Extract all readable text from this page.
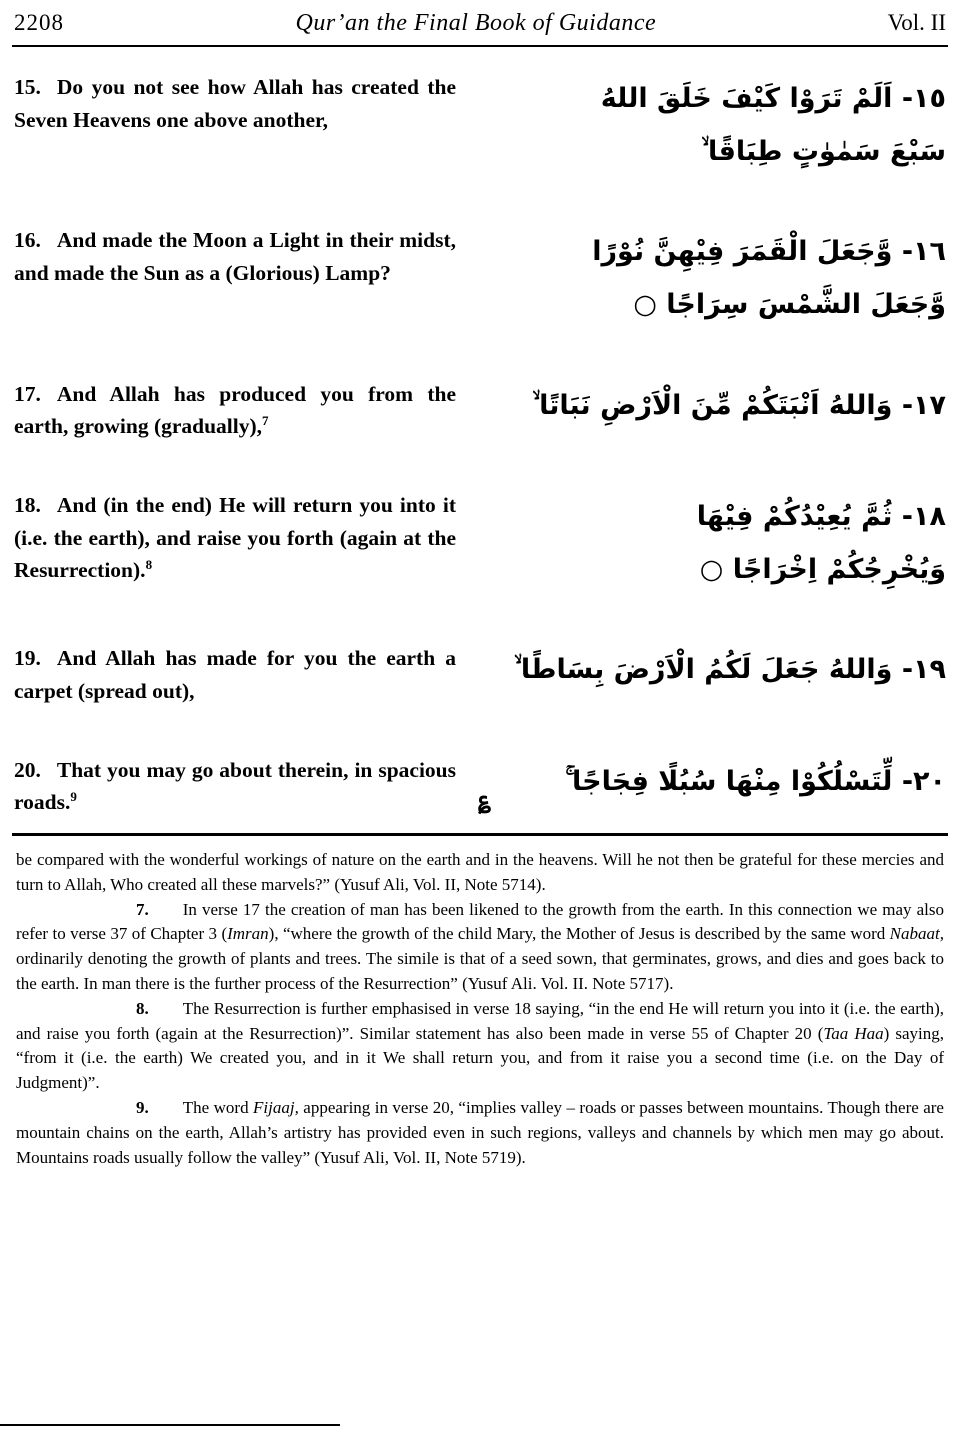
2208	Qur’an the Final Book of Guidance	Vol. II

15. Do you not see how Allah has created the Seven Heavens one above another,

١٥- اَلَمْ تَرَوْا كَيْفَ خَلَقَ اللهُ
سَبْعَ سَمٰوٰتٍ طِبَاقًا ۙ

16. And made the Moon a Light in their midst, and made the Sun as a (Glorious) Lamp?

١٦- وَّجَعَلَ الْقَمَرَ فِيْهِنَّ نُوْرًا
وَّجَعَلَ الشَّمْسَ سِرَاجًا ○

17. And Allah has produced you from the earth, growing (gradually),$^7$

١٧- وَاللهُ اَنْبَتَكُمْ مِّنَ الْاَرْضِ نَبَاتًا ۙ

18. And (in the end) He will return you into it (i.e. the earth), and raise you forth (again at the Resurrection).$^8$

١٨- ثُمَّ يُعِيْدُكُمْ فِيْهَا
وَيُخْرِجُكُمْ اِخْرَاجًا ○

19. And Allah has made for you the earth a carpet (spread out),

١٩- وَاللهُ جَعَلَ لَكُمُ الْاَرْضَ بِسَاطًا ۙ

20. That you may go about therein, in spacious roads.$^9$	؏
٢٠- لِّتَسْلُكُوْا مِنْهَا سُبُلًا فِجَاجًا ۚ

be compared with the wonderful workings of nature on the earth and in the heavens. Will he not then be grateful for these mercies and turn to Allah, Who created all these marvels?” (Yusuf Ali, Vol. II, Note 5714).

7. In verse 17 the creation of man has been likened to the growth from the earth. In this connection we may also refer to verse 37 of Chapter 3 (Imran), “where the growth of the child Mary, the Mother of Jesus is described by the same word Nabaat, ordinarily denoting the growth of plants and trees. The simile is that of a seed sown, that germinates, grows, and dies and goes back to the earth. In man there is the further process of the Resurrection” (Yusuf Ali. Vol. II. Note 5717).

8. The Resurrection is further emphasised in verse 18 saying, “in the end He will return you into it (i.e. the earth), and raise you forth (again at the Resurrection)”. Similar statement has also been made in verse 55 of Chapter 20 (Taa Haa) saying, “from it (i.e. the earth) We created you, and in it We shall return you, and from it raise you a second time (i.e. on the Day of Judgment)”.

9. The word Fijaaj, appearing in verse 20, “implies valley – roads or passes between mountains. Though there are mountain chains on the earth, Allah’s artistry has provided even in such regions, valleys and channels by which men may go about. Mountains roads usually follow the valley” (Yusuf Ali, Vol. II, Note 5719).
